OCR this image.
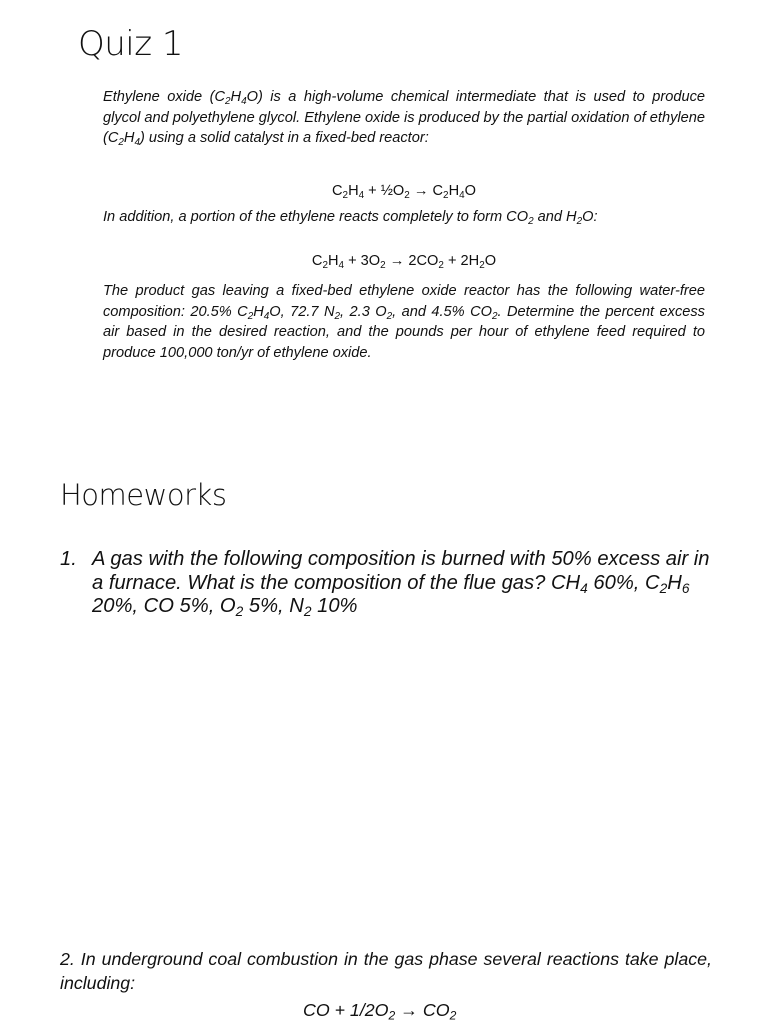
Quiz 1

Ethylene oxide $(C_2H_4O)$ is a high-volume chemical intermediate that is used to produce glycol and polyethylene glycol. Ethylene oxide is produced by the partial oxidation of ethylene $(C_2H_4)$ using a solid catalyst in a fixed-bed reactor:

$C_2H_4$ + $\frac{1}{2}O_2 \to C_2H_4O$

In addition, a portion of the ethylene reacts completely to form $CO_2$ and $H_2O$:

$C_2H_4 + 3O_2 \to 2CO_2 + 2H_2O$

The product gas leaving a fixed-bed ethylene oxide reactor has the following water-free composition: 20.5% $C_2H_4O$, 72.7 $N_2$, 2.3 $O_2$, and 4.5% $CO_2$. Determine the percent excess air based in the desired reaction, and the pounds per hour of ethylene feed required to produce 100,000 ton/yr of ethylene oxide.

Homeworks
1. A gas with the following composition is burned with 50% excess air in a furnace. What is the composition of the flue gas? $CH_4$ 60%, $C_2H_6$ 20%, CO 5%, $O_2$ 5%, $N_2$ 10%

2. In underground coal combustion in the gas phase several reactions take place, including:

CO + $1/2O_2 \to CO_2$
